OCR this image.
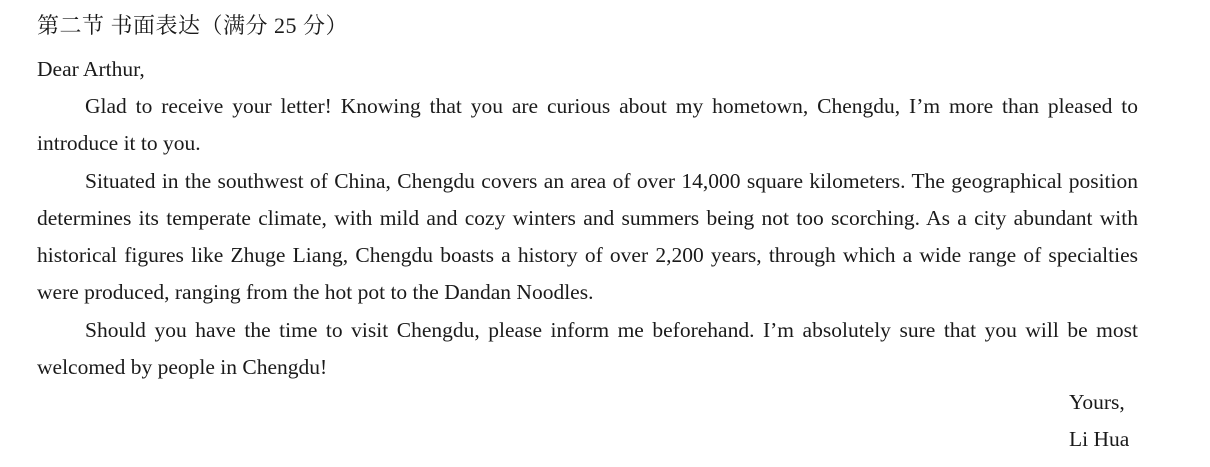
第二节 书面表达（满分 25 分）
Dear Arthur,

Glad to receive your letter! Knowing that you are curious about my hometown, Chengdu, I’m more than pleased to introduce it to you.

Situated in the southwest of China, Chengdu covers an area of over 14,000 square kilometers. The geographical position determines its temperate climate, with mild and cozy winters and summers being not too scorching. As a city abundant with historical figures like Zhuge Liang, Chengdu boasts a history of over 2,200 years, through which a wide range of specialties were produced, ranging from the hot pot to the Dandan Noodles.

Should you have the time to visit Chengdu, please inform me beforehand. I’m absolutely sure that you will be most welcomed by people in Chengdu!

Yours,
Li Hua
